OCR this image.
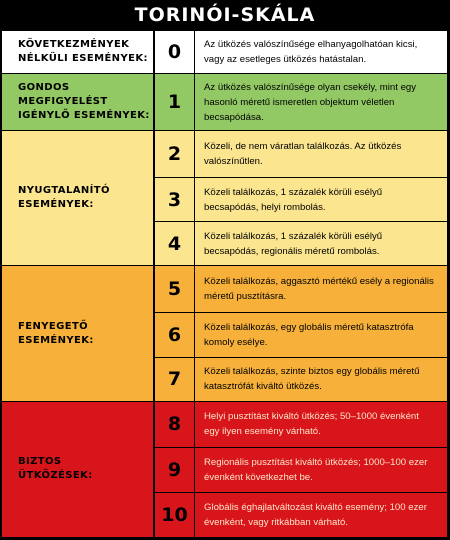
TORINÓI-SKÁLA
KÖVETKEZMÉNYEK
NÉLKÜLI ESEMÉNYEK:	0	Az ütközés valószínűsége elhanyagolhatóan kicsi, vagy az esetleges ütközés hatástalan.
GONDOS MEGFIGYELÉST
IGÉNYLŐ ESEMÉNYEK:	1	Az ütközés valószínűsége olyan csekély, mint egy hasonló méretű ismeretlen objektum véletlen becsapódása.
NYUGTALANÍTÓ
ESEMÉNYEK:	2	Közeli, de nem váratlan találkozás. Az ütközés valószínűtlen.
	3	Közeli találkozás, 1 százalék körüli esélyű becsapódás, helyi rombolás.
	4	Közeli találkozás, 1 százalék körüli esélyű becsapódás, regionális méretű rombolás.
FENYEGETŐ
ESEMÉNYEK:	5	Közeli találkozás, aggasztó mértékű esély a regionális méretű pusztításra.
	6	Közeli találkozás, egy globális méretű katasztrófa komoly esélye.
	7	Közeli találkozás, szinte biztos egy globális méretű katasztrófát kiváltó ütközés.
BIZTOS
ÜTKÖZÉSEK:	8	Helyi pusztítást kiváltó ütközés; 50–1000 évenként egy ilyen esemény várható.
	9	Regionális pusztítást kiváltó ütközés; 1000–100 ezer évenként következhet be.
	10	Globális éghajlatváltozást kiváltó esemény; 100 ezer évenként, vagy ritkábban várható.
